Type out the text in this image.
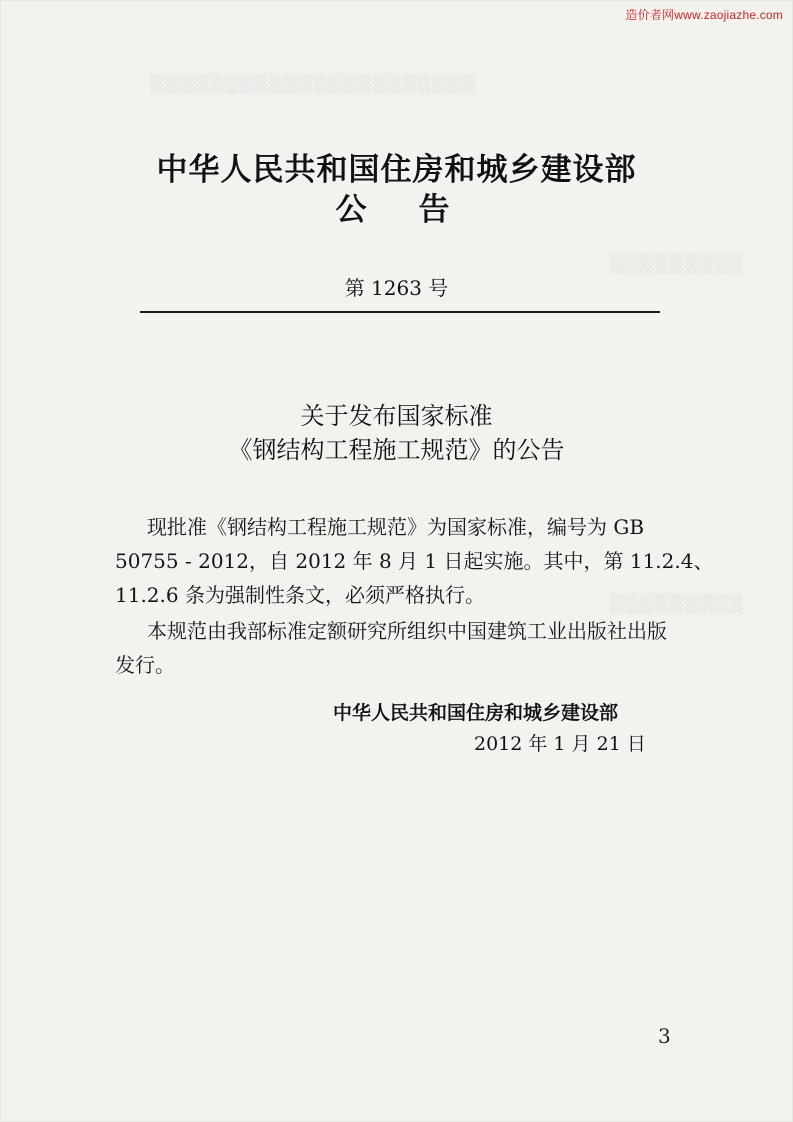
▒▒▒▒▒▒▒▒▒▒▒▒▒▒▒▒▒▒▒▒▒▒
▒▒▒▒▒▒▒▒▒
▒▒▒▒▒▒▒▒▒
造价者网www.zaojiazhe.com
中华人民共和国住房和城乡建设部
公告
第 1263 号
关于发布国家标准
《钢结构工程施工规范》的公告
现批准《钢结构工程施工规范》为国家标准，编号为 GB
50755 - 2012，自 2012 年 8 月 1 日起实施。其中，第 11.2.4、
11.2.6 条为强制性条文，必须严格执行。
本规范由我部标准定额研究所组织中国建筑工业出版社出版
发行。
中华人民共和国住房和城乡建设部
2012 年 1 月 21 日
3
